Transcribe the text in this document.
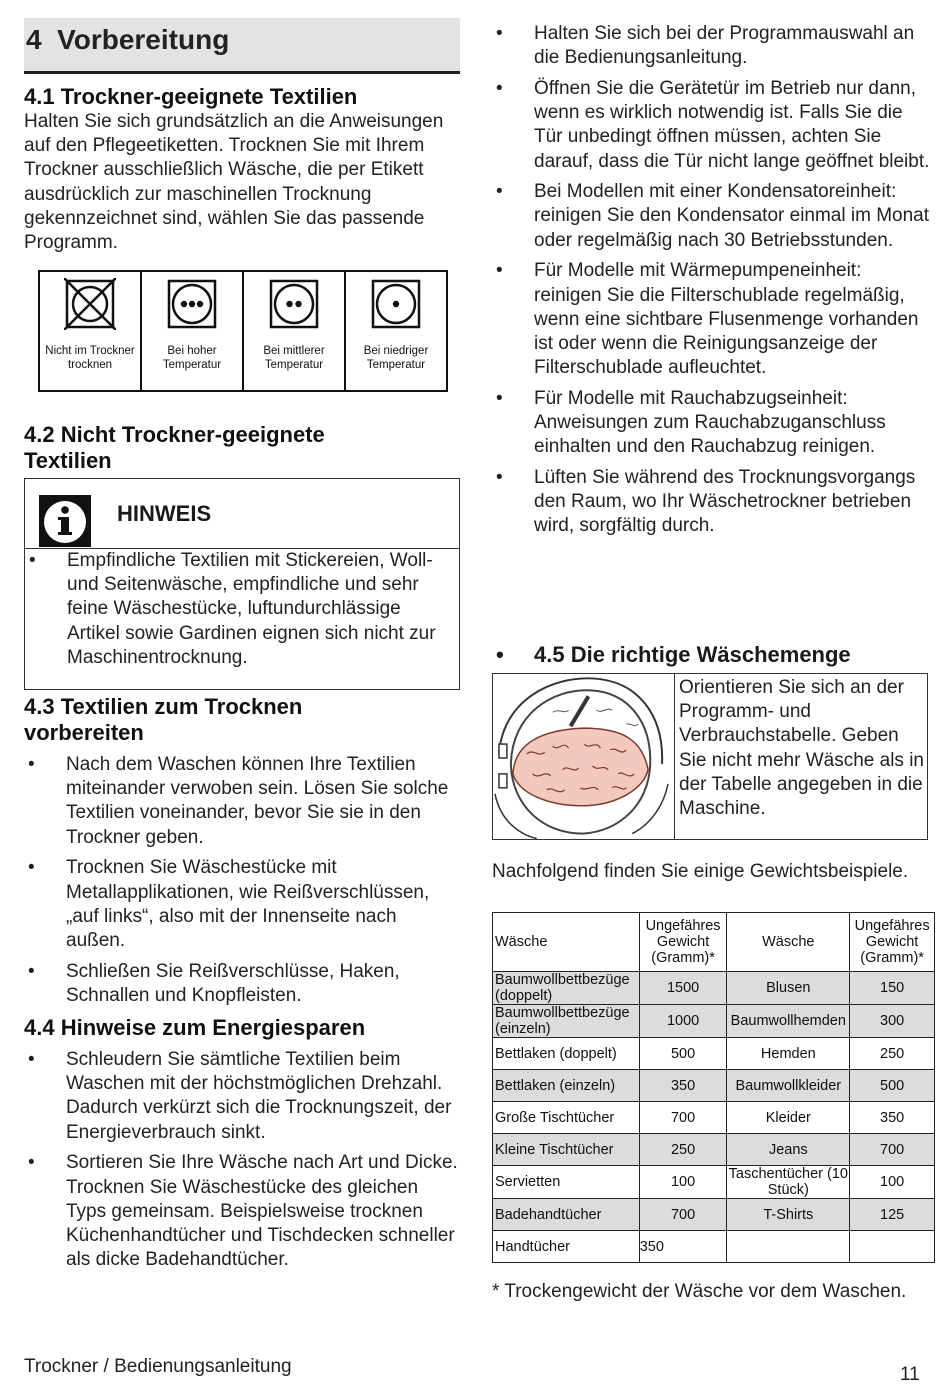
4 Vorbereitung
4.1 Trockner-geeignete Textilien
Halten Sie sich grundsätzlich an die Anweisungen auf den Pflegeetiketten. Trocknen Sie mit Ihrem Trockner ausschließlich Wäsche, die per Etikett ausdrücklich zur maschinellen Trocknung gekennzeichnet sind, wählen Sie das passende Programm.
Nicht im Trockner trocknen
Bei hoher Temperatur
Bei mittlerer Temperatur
Bei niedriger Temperatur
4.2 Nicht Trockner-geeignete Textilien
HINWEIS
• Empfindliche Textilien mit Stickereien, Woll- und Seitenwäsche, empfindliche und sehr feine Wäschestücke, luftundurchlässige Artikel sowie Gardinen eignen sich nicht zur Maschinentrocknung.
4.3 Textilien zum Trocknen vorbereiten
• Nach dem Waschen können Ihre Textilien miteinander verwoben sein. Lösen Sie solche Textilien voneinander, bevor Sie sie in den Trockner geben.
• Trocknen Sie Wäschestücke mit Metallapplikationen, wie Reißverschlüssen, „auf links“, also mit der Innenseite nach außen.
• Schließen Sie Reißverschlüsse, Haken, Schnallen und Knopfleisten.
4.4 Hinweise zum Energiesparen
• Schleudern Sie sämtliche Textilien beim Waschen mit der höchstmöglichen Drehzahl. Dadurch verkürzt sich die Trocknungszeit, der Energieverbrauch sinkt.
• Sortieren Sie Ihre Wäsche nach Art und Dicke. Trocknen Sie Wäschestücke des gleichen Typs gemeinsam. Beispielsweise trocknen Küchenhandtücher und Tischdecken schneller als dicke Badehandtücher.
• Halten Sie sich bei der Programmauswahl an die Bedienungsanleitung.
• Öffnen Sie die Gerätetür im Betrieb nur dann, wenn es wirklich notwendig ist. Falls Sie die Tür unbedingt öffnen müssen, achten Sie darauf, dass die Tür nicht lange geöffnet bleibt.
• Bei Modellen mit einer Kondensatoreinheit: reinigen Sie den Kondensator einmal im Monat oder regelmäßig nach 30 Betriebsstunden.
• Für Modelle mit Wärmepumpeneinheit: reinigen Sie die Filterschublade regelmäßig, wenn eine sichtbare Flusenmenge vorhanden ist oder wenn die Reinigungsanzeige der Filterschublade aufleuchtet.
• Für Modelle mit Rauchabzugseinheit: Anweisungen zum Rauchabzuganschluss einhalten und den Rauchabzug reinigen.
• Lüften Sie während des Trocknungsvorgangs den Raum, wo Ihr Wäschetrockner betrieben wird, sorgfältig durch.
• 4.5 Die richtige Wäschemenge
Orientieren Sie sich an der Programm- und Verbrauchstabelle. Geben Sie nicht mehr Wäsche als in der Tabelle angegeben in die Maschine.
Nachfolgend finden Sie einige Gewichtsbeispiele.
Wäsche	Ungefähres Gewicht (Gramm)*	Wäsche	Ungefähres Gewicht (Gramm)*
Baumwollbettbezüge (doppelt)	1500	Blusen	150
Baumwollbettbezüge (einzeln)	1000	Baumwollhemden	300
Bettlaken (doppelt)	500	Hemden	250
Bettlaken (einzeln)	350	Baumwollkleider	500
Große Tischtücher	700	Kleider	350
Kleine Tischtücher	250	Jeans	700
Servietten	100	Taschentücher (10 Stück)	100
Badehandtücher	700	T-Shirts	125
Handtücher	350		
* Trockengewicht der Wäsche vor dem Waschen.
Trockner / Bedienungsanleitung	11
